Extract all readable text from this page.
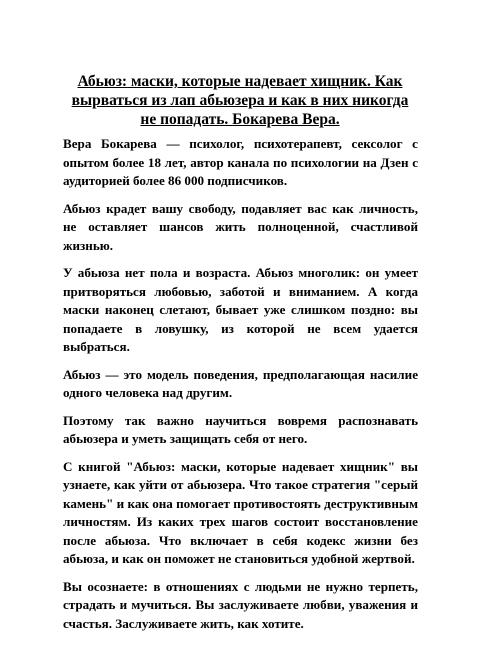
Абьюз: маски, которые надевает хищник. Как вырваться из лап абьюзера и как в них никогда не попадать. Бокарева Вера.

Вера Бокарева — психолог, психотерапевт, сексолог с опытом более 18 лет, автор канала по психологии на Дзен с аудиторией более 86 000 подписчиков.

Абьюз крадет вашу свободу, подавляет вас как личность, не оставляет шансов жить полноценной, счастливой жизнью.

У абьюза нет пола и возраста. Абьюз многолик: он умеет притворяться любовью, заботой и вниманием. А когда маски наконец слетают, бывает уже слишком поздно: вы попадаете в ловушку, из которой не всем удается выбраться.

Абьюз — это модель поведения, предполагающая насилие одного человека над другим.

Поэтому так важно научиться вовремя распознавать абьюзера и уметь защищать себя от него.

С книгой "Абьюз: маски, которые надевает хищник" вы узнаете, как уйти от абьюзера. Что такое стратегия "серый камень" и как она помогает противостоять деструктивным личностям. Из каких трех шагов состоит восстановление после абьюза. Что включает в себя кодекс жизни без абьюза, и как он поможет не становиться удобной жертвой.

Вы осознаете: в отношениях с людьми не нужно терпеть, страдать и мучиться. Вы заслуживаете любви, уважения и счастья. Заслуживаете жить, как хотите.
